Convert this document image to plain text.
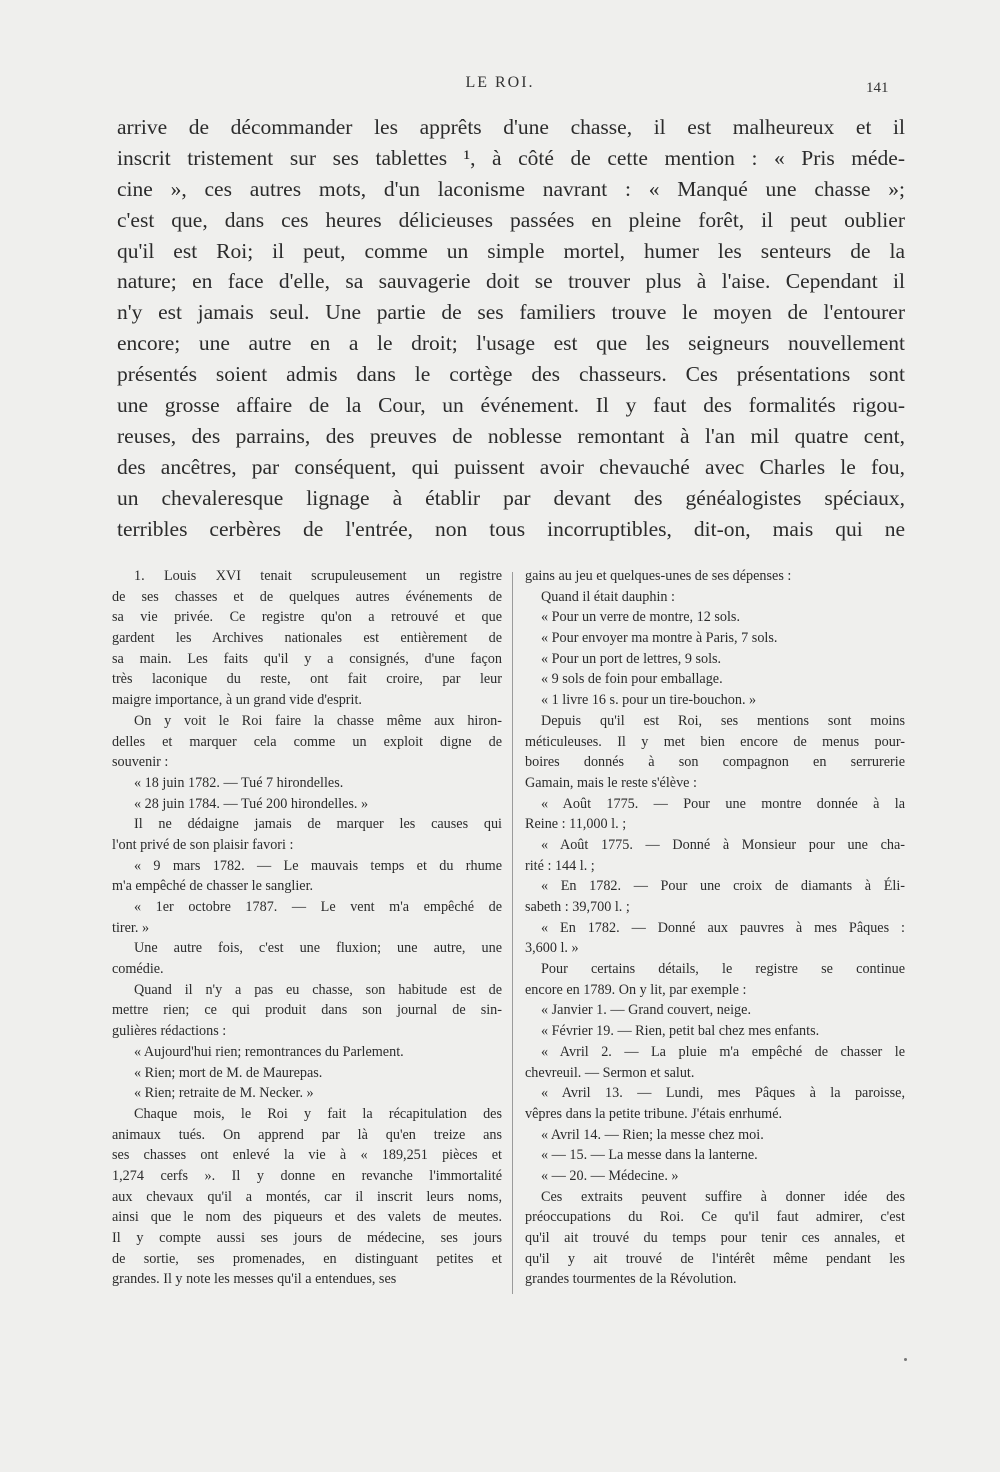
LE ROI.	141
arrive de décommander les apprêts d'une chasse, il est malheureux et il
inscrit tristement sur ses tablettes ¹, à côté de cette mention : « Pris méde-
cine », ces autres mots, d'un laconisme navrant : « Manqué une chasse »;
c'est que, dans ces heures délicieuses passées en pleine forêt, il peut oublier
qu'il est Roi; il peut, comme un simple mortel, humer les senteurs de la
nature; en face d'elle, sa sauvagerie doit se trouver plus à l'aise. Cependant il
n'y est jamais seul. Une partie de ses familiers trouve le moyen de l'entourer
encore; une autre en a le droit; l'usage est que les seigneurs nouvellement
présentés soient admis dans le cortège des chasseurs. Ces présentations sont
une grosse affaire de la Cour, un événement. Il y faut des formalités rigou-
reuses, des parrains, des preuves de noblesse remontant à l'an mil quatre cent,
des ancêtres, par conséquent, qui puissent avoir chevauché avec Charles le fou,
un chevaleresque lignage à établir par devant des généalogistes spéciaux,
terribles cerbères de l'entrée, non tous incorruptibles, dit-on, mais qui ne
1. Louis XVI tenait scrupuleusement un registre
de ses chasses et de quelques autres événements de
sa vie privée. Ce registre qu'on a retrouvé et que
gardent les Archives nationales est entièrement de
sa main. Les faits qu'il y a consignés, d'une façon
très laconique du reste, ont fait croire, par leur
maigre importance, à un grand vide d'esprit.
On y voit le Roi faire la chasse même aux hiron-
delles et marquer cela comme un exploit digne de
souvenir :
« 18 juin 1782. — Tué 7 hirondelles.
« 28 juin 1784. — Tué 200 hirondelles. »
Il ne dédaigne jamais de marquer les causes qui
l'ont privé de son plaisir favori :
« 9 mars 1782. — Le mauvais temps et du rhume
m'a empêché de chasser le sanglier.
« 1er octobre 1787. — Le vent m'a empêché de
tirer. »
Une autre fois, c'est une fluxion; une autre, une
comédie.
Quand il n'y a pas eu chasse, son habitude est de
mettre rien; ce qui produit dans son journal de sin-
gulières rédactions :
« Aujourd'hui rien; remontrances du Parlement.
« Rien; mort de M. de Maurepas.
« Rien; retraite de M. Necker. »
Chaque mois, le Roi y fait la récapitulation des
animaux tués. On apprend par là qu'en treize ans
ses chasses ont enlevé la vie à « 189,251 pièces et
1,274 cerfs ». Il y donne en revanche l'immortalité
aux chevaux qu'il a montés, car il inscrit leurs noms,
ainsi que le nom des piqueurs et des valets de meutes.
Il y compte aussi ses jours de médecine, ses jours
de sortie, ses promenades, en distinguant petites et
grandes. Il y note les messes qu'il a entendues, ses
gains au jeu et quelques-unes de ses dépenses :
Quand il était dauphin :
« Pour un verre de montre, 12 sols.
« Pour envoyer ma montre à Paris, 7 sols.
« Pour un port de lettres, 9 sols.
« 9 sols de foin pour emballage.
« 1 livre 16 s. pour un tire-bouchon. »
Depuis qu'il est Roi, ses mentions sont moins
méticuleuses. Il y met bien encore de menus pour-
boires donnés à son compagnon en serrurerie
Gamain, mais le reste s'élève :
« Août 1775. — Pour une montre donnée à la
Reine : 11,000 l. ;
« Août 1775. — Donné à Monsieur pour une cha-
rité : 144 l. ;
« En 1782. — Pour une croix de diamants à Éli-
sabeth : 39,700 l. ;
« En 1782. — Donné aux pauvres à mes Pâques :
3,600 l. »
Pour certains détails, le registre se continue
encore en 1789. On y lit, par exemple :
« Janvier 1. — Grand couvert, neige.
« Février 19. — Rien, petit bal chez mes enfants.
« Avril 2. — La pluie m'a empêché de chasser le
chevreuil. — Sermon et salut.
« Avril 13. — Lundi, mes Pâques à la paroisse,
vêpres dans la petite tribune. J'étais enrhumé.
« Avril 14. — Rien; la messe chez moi.
« — 15. — La messe dans la lanterne.
« — 20. — Médecine. »
Ces extraits peuvent suffire à donner idée des
préoccupations du Roi. Ce qu'il faut admirer, c'est
qu'il ait trouvé du temps pour tenir ces annales, et
qu'il y ait trouvé de l'intérêt même pendant les
grandes tourmentes de la Révolution.
